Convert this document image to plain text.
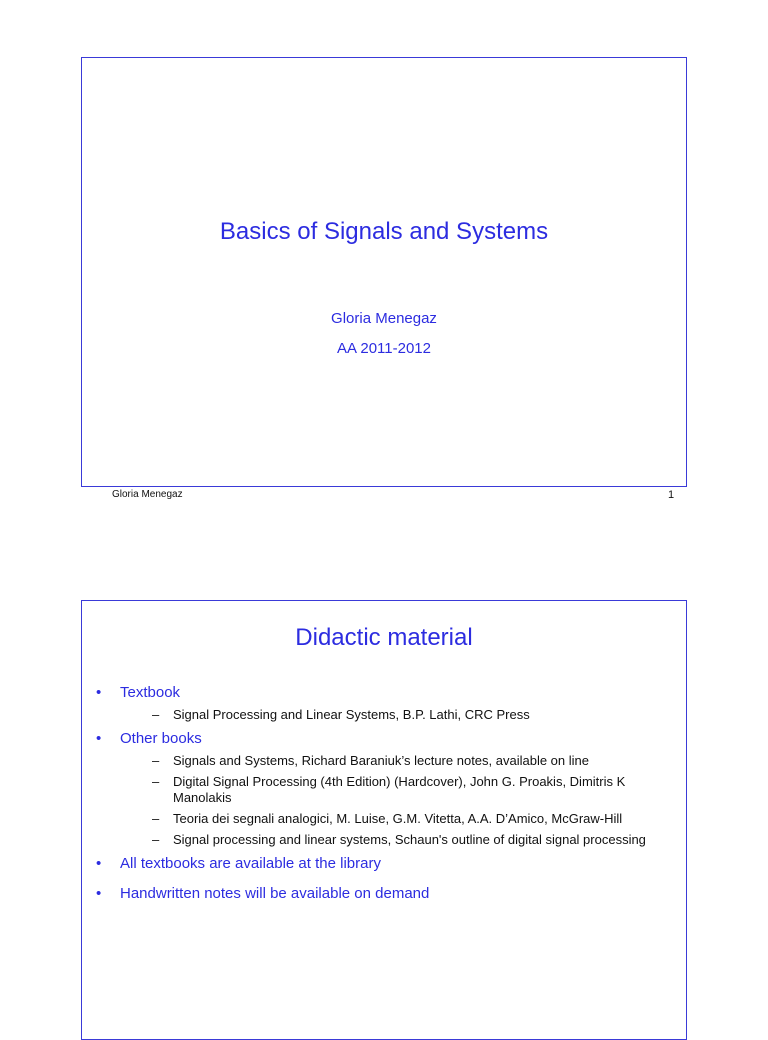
Basics of Signals and Systems
Gloria Menegaz
AA 2011-2012
Gloria Menegaz	1
Didactic material
• Textbook
– Signal Processing and Linear Systems, B.P. Lathi, CRC Press
• Other books
– Signals and Systems, Richard Baraniuk’s lecture notes, available on line
– Digital Signal Processing (4th Edition) (Hardcover), John G. Proakis, Dimitris K Manolakis
– Teoria dei segnali analogici, M. Luise, G.M. Vitetta, A.A. D’Amico, McGraw-Hill
– Signal processing and linear systems, Schaun's outline of digital signal processing
• All textbooks are available at the library
• Handwritten notes will be available on demand
